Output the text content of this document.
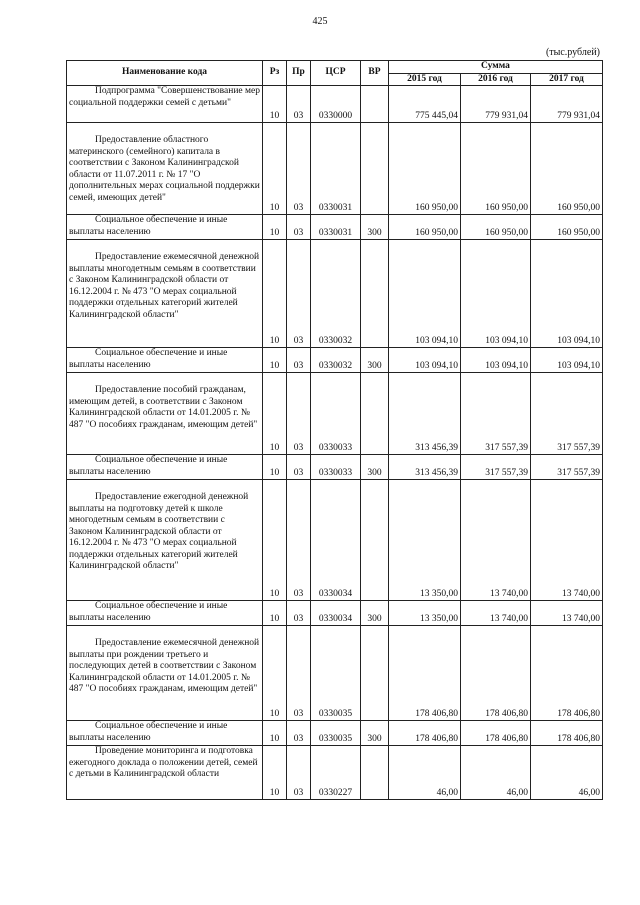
425
(тыс.рублей)
Наименование кода	Рз	Пр	ЦСР	ВР	Сумма		
					2015 год	2016 год	2017 год
Подпрограмма "Совершенствование мер социальной поддержки семей с детьми"	10	03	0330000		775 445,04	779 931,04	779 931,04
Предоставление областного материнского (семейного) капитала в соответствии с Законом Калининградской области от 11.07.2011 г. № 17 "О дополнительных мерах социальной поддержки семей, имеющих детей"	10	03	0330031		160 950,00	160 950,00	160 950,00
Социальное обеспечение и иные выплаты населению	10	03	0330031	300	160 950,00	160 950,00	160 950,00
Предоставление ежемесячной денежной выплаты многодетным семьям в соответствии с Законом Калининградской области от 16.12.2004 г. № 473 "О мерах социальной поддержки отдельных категорий жителей Калининградской области"	10	03	0330032		103 094,10	103 094,10	103 094,10
Социальное обеспечение и иные выплаты населению	10	03	0330032	300	103 094,10	103 094,10	103 094,10
Предоставление пособий гражданам, имеющим детей, в соответствии с Законом Калининградской области от 14.01.2005 г. № 487 "О пособиях гражданам, имеющим детей"	10	03	0330033		313 456,39	317 557,39	317 557,39
Социальное обеспечение и иные выплаты населению	10	03	0330033	300	313 456,39	317 557,39	317 557,39
Предоставление ежегодной денежной выплаты на подготовку детей к школе многодетным семьям в соответствии с Законом Калининградской области от 16.12.2004 г. № 473 "О мерах социальной поддержки отдельных категорий жителей Калининградской области"	10	03	0330034		13 350,00	13 740,00	13 740,00
Социальное обеспечение и иные выплаты населению	10	03	0330034	300	13 350,00	13 740,00	13 740,00
Предоставление ежемесячной денежной выплаты при рождении третьего и последующих детей в соответствии с Законом Калининградской области от 14.01.2005 г. № 487 "О пособиях гражданам, имеющим детей"	10	03	0330035		178 406,80	178 406,80	178 406,80
Социальное обеспечение и иные выплаты населению	10	03	0330035	300	178 406,80	178 406,80	178 406,80
Проведение мониторинга и подготовка ежегодного доклада о положении детей, семей с детьми в Калининградской области	10	03	0330227		46,00	46,00	46,00
